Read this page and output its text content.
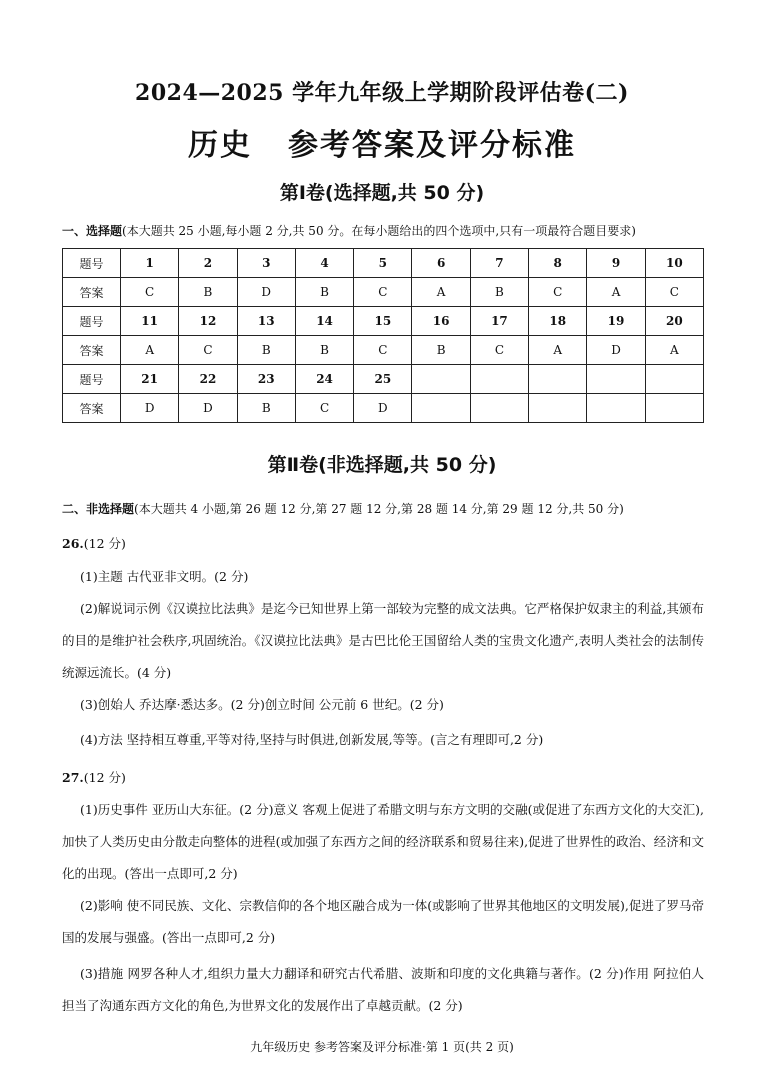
2024—2025 学年九年级上学期阶段评估卷(二)
历史 参考答案及评分标准
第Ⅰ卷(选择题,共 50 分)
一、选择题(本大题共 25 小题,每小题 2 分,共 50 分。在每小题给出的四个选项中,只有一项最符合题目要求)
题号	1	2	3	4	5	6	7	8	9	10
答案	C	B	D	B	C	A	B	C	A	C
题号	11	12	13	14	15	16	17	18	19	20
答案	A	C	B	B	C	B	C	A	D	A
题号	21	22	23	24	25					
答案	D	D	B	C	D					
第Ⅱ卷(非选择题,共 50 分)
二、非选择题(本大题共 4 小题,第 26 题 12 分,第 27 题 12 分,第 28 题 14 分,第 29 题 12 分,共 50 分)
26.(12 分)

(1)主题 古代亚非文明。(2 分)

(2)解说词示例《汉谟拉比法典》是迄今已知世界上第一部较为完整的成文法典。它严格保护奴隶主的利益,其颁布的目的是维护社会秩序,巩固统治。《汉谟拉比法典》是古巴比伦王国留给人类的宝贵文化遗产,表明人类社会的法制传统源远流长。(4 分)

(3)创始人 乔达摩·悉达多。(2 分)创立时间 公元前 6 世纪。(2 分)

(4)方法 坚持相互尊重,平等对待,坚持与时俱进,创新发展,等等。(言之有理即可,2 分)

27.(12 分)

(1)历史事件 亚历山大东征。(2 分)意义 客观上促进了希腊文明与东方文明的交融(或促进了东西方文化的大交汇),加快了人类历史由分散走向整体的进程(或加强了东西方之间的经济联系和贸易往来),促进了世界性的政治、经济和文化的出现。(答出一点即可,2 分)

(2)影响 使不同民族、文化、宗教信仰的各个地区融合成为一体(或影响了世界其他地区的文明发展),促进了罗马帝国的发展与强盛。(答出一点即可,2 分)

(3)措施 网罗各种人才,组织力量大力翻译和研究古代希腊、波斯和印度的文化典籍与著作。(2 分)作用 阿拉伯人担当了沟通东西方文化的角色,为世界文化的发展作出了卓越贡献。(2 分)

九年级历史 参考答案及评分标准·第 1 页(共 2 页)
